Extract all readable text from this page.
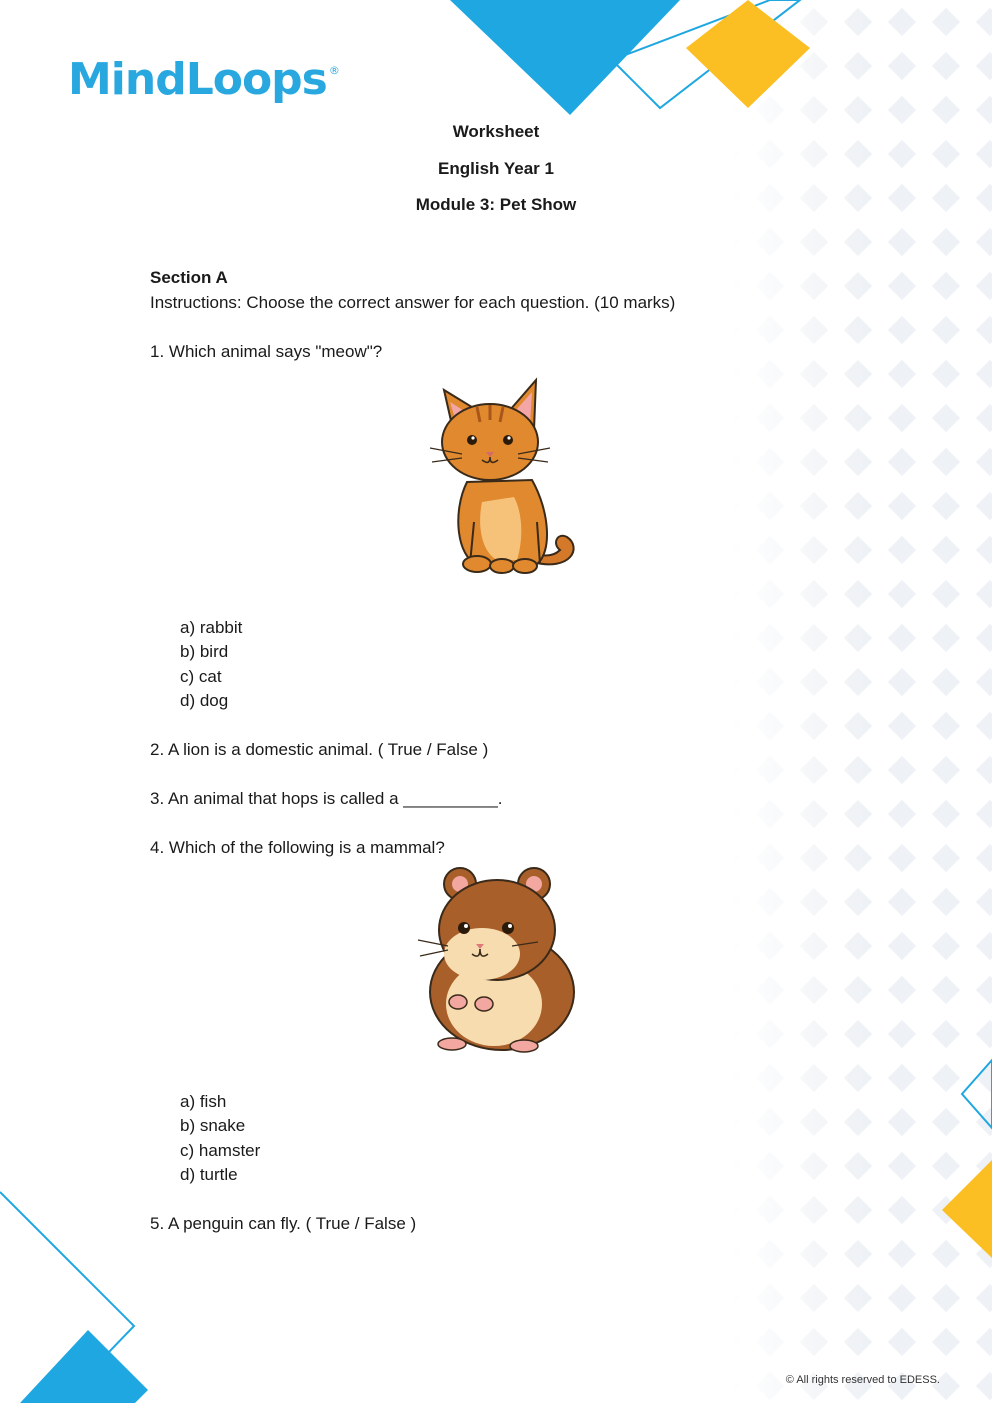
MindLoops ®
Worksheet
English Year 1
Module 3: Pet Show
Section A
Instructions: Choose the correct answer for each question. (10 marks)
1. Which animal says "meow"?
a) rabbit
b) bird
c) cat
d) dog
2. A lion is a domestic animal. ( True / False )
3. An animal that hops is called a __________.
4. Which of the following is a mammal?
a) fish
b) snake
c) hamster
d) turtle
5. A penguin can fly. ( True / False )
© All rights reserved to EDESS.
